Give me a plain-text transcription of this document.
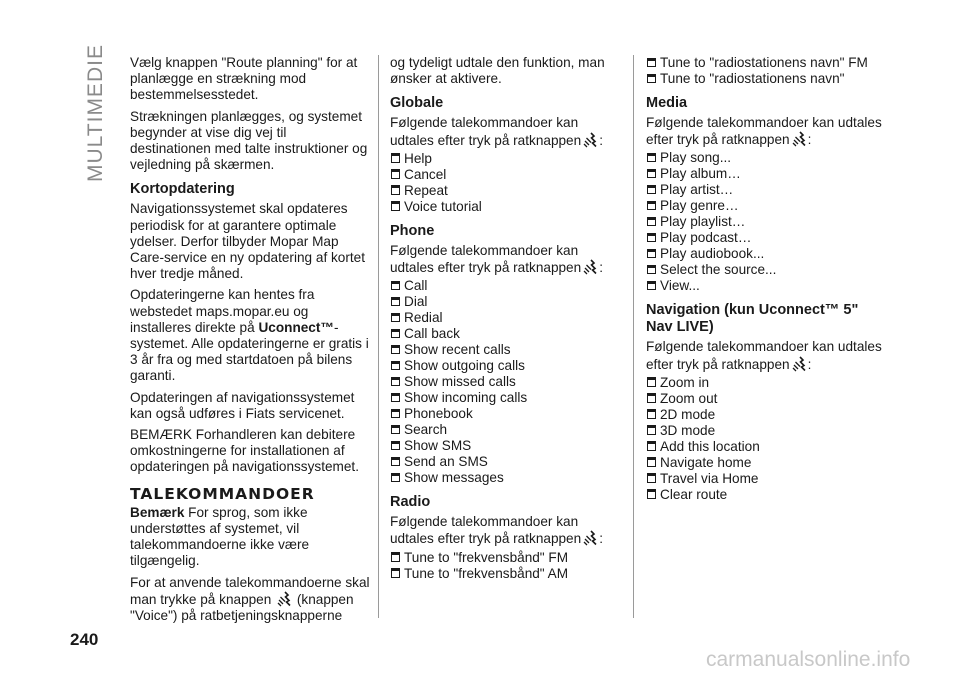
MULTIMEDIE
240

Vælg knappen "Route planning" for at planlægge en strækning mod bestemmelsesstedet.

Strækningen planlægges, og systemet begynder at vise dig vej til destinationen med talte instruktioner og vejledning på skærmen.

Kortopdatering

Navigationssystemet skal opdateres periodisk for at garantere optimale ydelser. Derfor tilbyder Mopar Map Care-service en ny opdatering af kortet hver tredje måned.

Opdateringerne kan hentes fra webstedet maps.mopar.eu og installeres direkte på Uconnect™-systemet. Alle opdateringerne er gratis i 3 år fra og med startdatoen på bilens garanti.

Opdateringen af navigationssystemet kan også udføres i Fiats servicenet.

BEMÆRK Forhandleren kan debitere omkostningerne for installationen af opdateringen på navigationssystemet.

TALEKOMMANDOER

Bemærk For sprog, som ikke understøttes af systemet, vil talekommandoerne ikke være tilgængelig.

For at anvende talekommandoerne skal man trykke på knappen
(knappen "Voice") på ratbetjeningsknapperne

og tydeligt udtale den funktion, man ønsker at aktivere.

Globale

Følgende talekommandoer kan udtales efter tryk på ratknappen :

Help
Cancel
Repeat
Voice tutorial
Phone

Følgende talekommandoer kan udtales efter tryk på ratknappen :

Call
Dial
Redial
Call back
Show recent calls
Show outgoing calls
Show missed calls
Show incoming calls
Phonebook
Search
Show SMS
Send an SMS
Show messages
Radio

Følgende talekommandoer kan udtales efter tryk på ratknappen :

Tune to "frekvensbånd" FM
Tune to "frekvensbånd" AM
Tune to "radiostationens navn" FM
Tune to "radiostationens navn"
Media

Følgende talekommandoer kan udtales efter tryk på ratknappen :

Play song...
Play album…
Play artist…
Play genre…
Play playlist…
Play podcast…
Play audiobook...
Select the source...
View...
Navigation (kun Uconnect™ 5" Nav LIVE)

Følgende talekommandoer kan udtales efter tryk på ratknappen :

Zoom in
Zoom out
2D mode
3D mode
Add this location
Navigate home
Travel via Home
Clear route
carmanualsonline.info
